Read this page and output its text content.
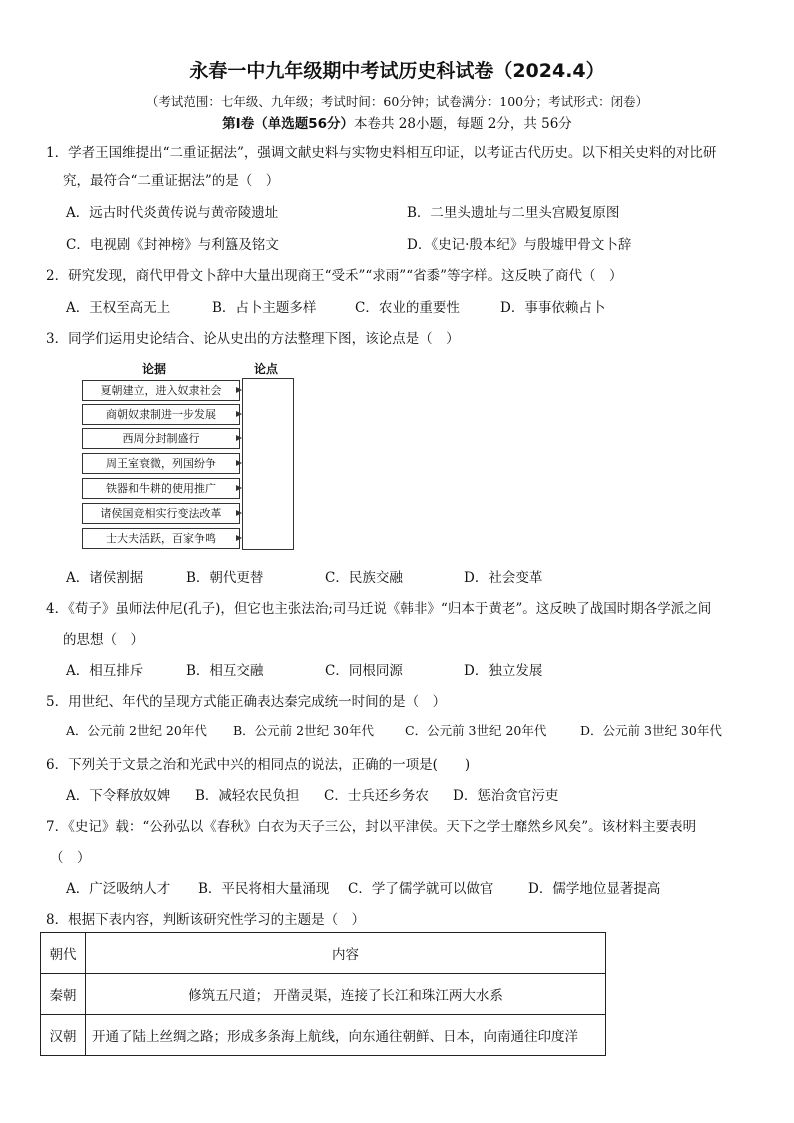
永春一中九年级期中考试历史科试卷（2024.4）
（考试范围：七年级、九年级；考试时间：60分钟；试卷满分：100分；考试形式：闭卷）
第Ⅰ卷（单选题56分）本卷共 28小题，每题 2分，共 56分
1．学者王国维提出“二重证据法”，强调文献史料与实物史料相互印证，以考证古代历史。以下相关史料的对比研
究，最符合“二重证据法”的是（　）
A．远古时代炎黄传说与黄帝陵遗址	B．二里头遗址与二里头宫殿复原图
C．电视剧《封神榜》与利簋及铭文	D．《史记·殷本纪》与殷墟甲骨文卜辞
2．研究发现，商代甲骨文卜辞中大量出现商王“受禾”“求雨”“省黍”等字样。这反映了商代（　）
A．王权至高无上	B．占卜主题多样	C．农业的重要性	D．事事依赖占卜
3．同学们运用史论结合、论从史出的方法整理下图，该论点是（　）
论据	论点
夏朝建立，进入奴隶社会
商朝奴隶制进一步发展
西周分封制盛行
周王室衰微，列国纷争
铁器和牛耕的使用推广
诸侯国竞相实行变法改革
士大夫活跃，百家争鸣
A．诸侯割据	B．朝代更替	C．民族交融	D．社会变革
4．《荀子》虽师法仲尼(孔子)，但它也主张法治;司马迁说《韩非》“归本于黄老”。这反映了战国时期各学派之间
的思想（　）
A．相互排斥	B．相互交融	C．同根同源	D．独立发展
5．用世纪、年代的呈现方式能正确表达秦完成统一时间的是（　）
A．公元前 2世纪 20年代 B．公元前 2世纪 30年代 C．公元前 3世纪 20年代	D．公元前 3世纪 30年代
6．下列关于文景之治和光武中兴的相同点的说法，正确的一项是(　　)
A．下令释放奴婢 B．减轻农民负担 C．士兵还乡务农 D．惩治贪官污吏
7．《史记》载：“公孙弘以《春秋》白衣为天子三公，封以平津侯。天下之学士靡然乡风矣”。该材料主要表明
（　）
A．广泛吸纳人才 B．平民将相大量涌现 C．学了儒学就可以做官	D．儒学地位显著提高
8．根据下表内容，判断该研究性学习的主题是（　）
朝代	内容
秦朝	修筑五尺道； 开凿灵渠，连接了长江和珠江两大水系
汉朝	开通了陆上丝绸之路；形成多条海上航线，向东通往朝鲜、日本，向南通往印度洋
